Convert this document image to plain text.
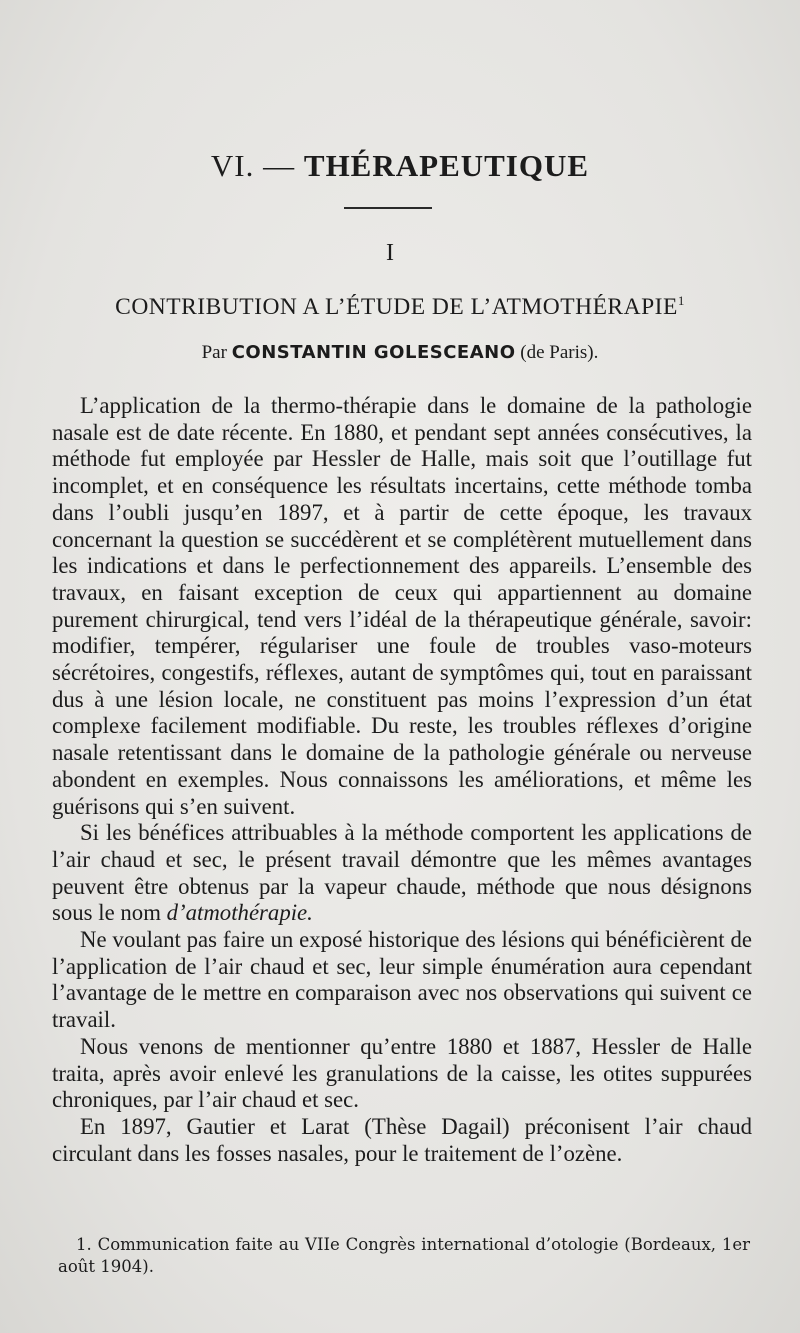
VI. — THÉRAPEUTIQUE
I
CONTRIBUTION A L’ÉTUDE DE L’ATMOTHÉRAPIE$^1$
Par CONSTANTIN GOLESCEANO (de Paris).

L’application de la thermo-thérapie dans le domaine de la pathologie nasale est de date récente. En 1880, et pendant sept années consécutives, la méthode fut employée par Hessler de Halle, mais soit que l’outillage fut incomplet, et en conséquence les résultats incertains, cette méthode tomba dans l’oubli jusqu’en 1897, et à partir de cette époque, les travaux concernant la question se succédèrent et se complétèrent mutuellement dans les indications et dans le perfectionnement des appareils. L’ensemble des travaux, en faisant exception de ceux qui appartiennent au domaine purement chirurgical, tend vers l’idéal de la thérapeutique générale, savoir: modifier, tempérer, régulariser une foule de troubles vaso-moteurs sécrétoires, congestifs, réflexes, autant de symptômes qui, tout en paraissant dus à une lésion locale, ne constituent pas moins l’expression d’un état complexe facilement modifiable. Du reste, les troubles réflexes d’origine nasale retentissant dans le domaine de la pathologie générale ou nerveuse abondent en exemples. Nous connaissons les améliorations, et même les guérisons qui s’en suivent.

Si les bénéfices attribuables à la méthode comportent les applications de l’air chaud et sec, le présent travail démontre que les mêmes avantages peuvent être obtenus par la vapeur chaude, méthode que nous désignons sous le nom d’atmothérapie.

Ne voulant pas faire un exposé historique des lésions qui bénéficièrent de l’application de l’air chaud et sec, leur simple énumération aura cependant l’avantage de le mettre en comparaison avec nos observations qui suivent ce travail.

Nous venons de mentionner qu’entre 1880 et 1887, Hessler de Halle traita, après avoir enlevé les granulations de la caisse, les otites suppurées chroniques, par l’air chaud et sec.

En 1897, Gautier et Larat (Thèse Dagail) préconisent l’air chaud circulant dans les fosses nasales, pour le traitement de l’ozène.

1. Communication faite au VIIe Congrès international d’otologie (Bordeaux, 1er août 1904).
